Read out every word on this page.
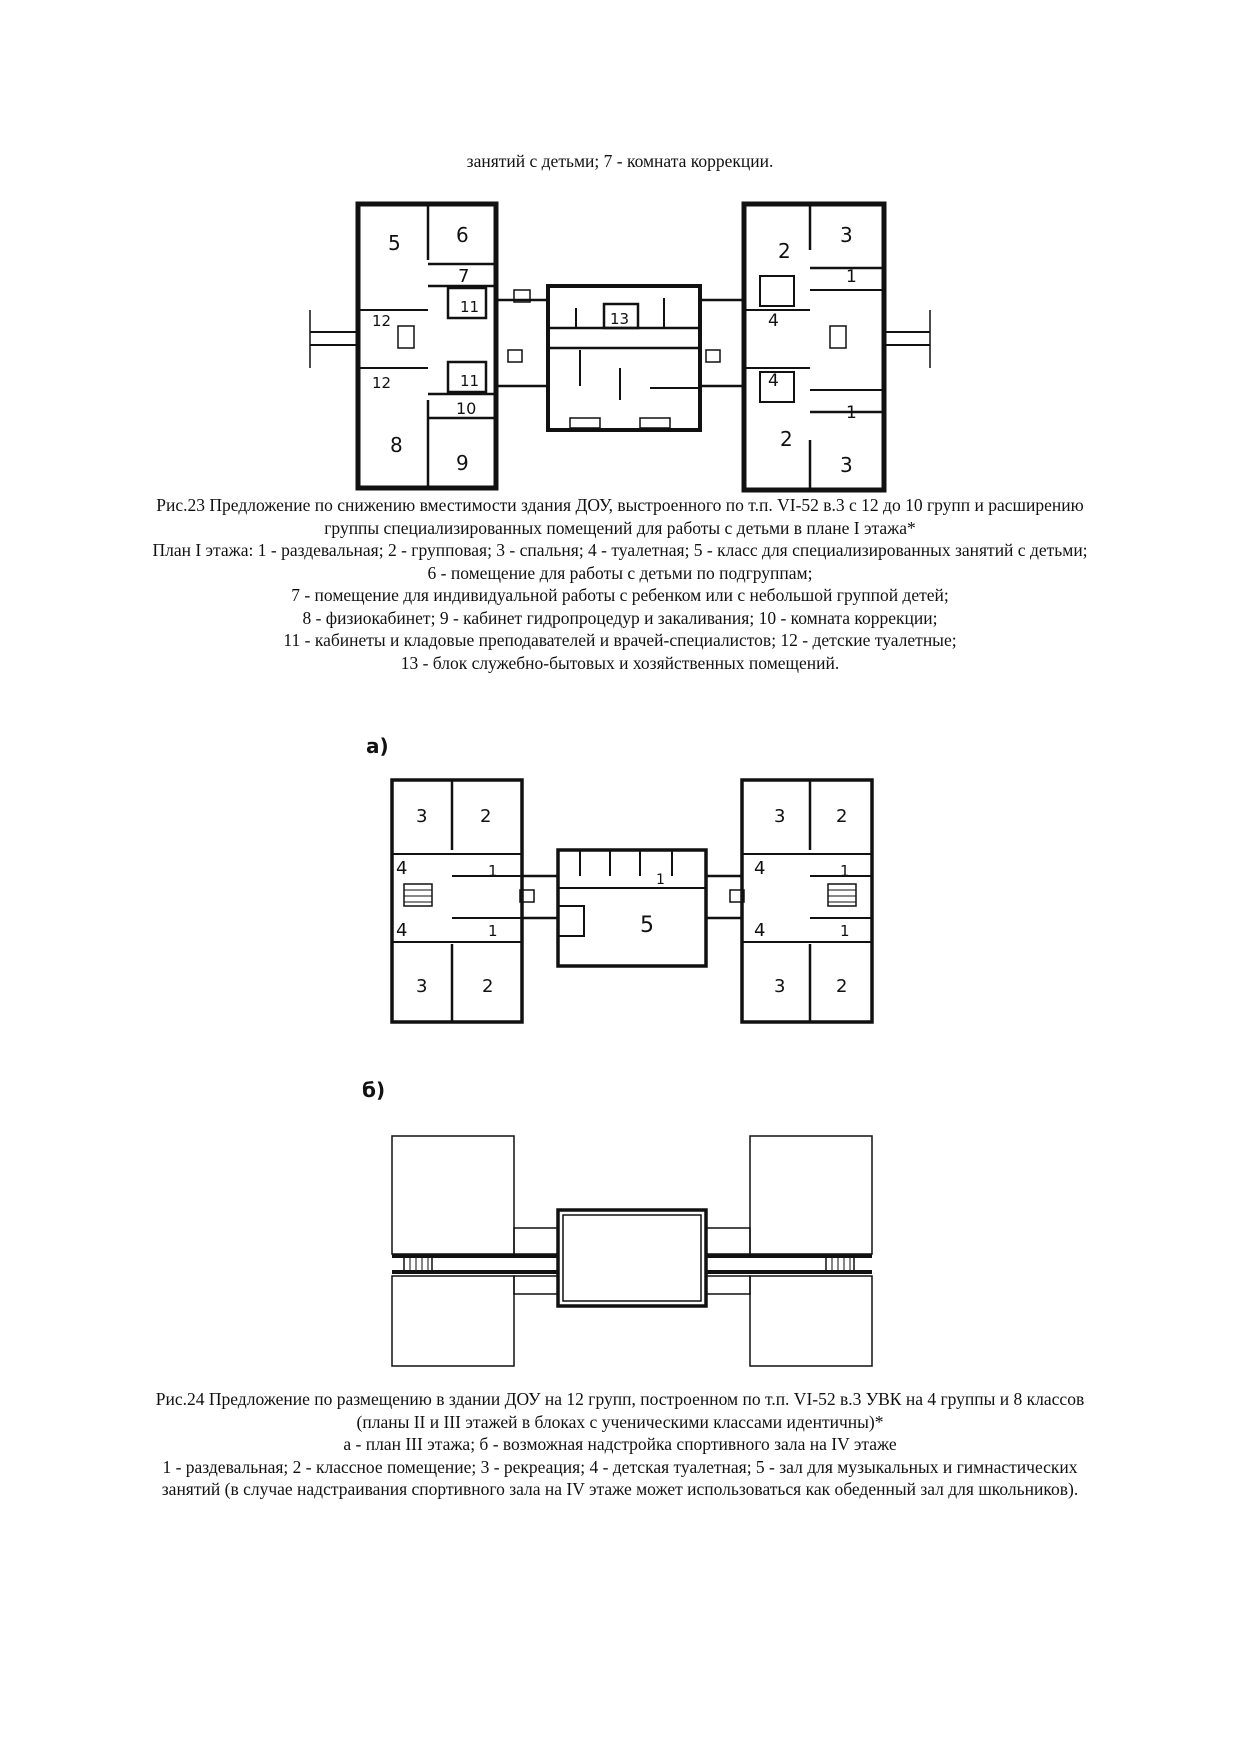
занятий с детьми; 7 - комната коррекции.

5	6
7
11
12
12	11
10
8
9
13
2
3
1
4
4
1
2
3

Рис.23 Предложение по снижению вместимости здания ДОУ, выстроенного по т.п. VI-52 в.3 с 12 до 10 групп и расширению группы специализированных помещений для работы с детьми в плане I этажа*

План I этажа: 1 - раздевальная; 2 - групповая; 3 - спальня; 4 - туалетная; 5 - класс для специализированных занятий с детьми; 6 - помещение для работы с детьми по подгруппам;

7 - помещение для индивидуальной работы с ребенком или с небольшой группой детей;

8 - физиокабинет; 9 - кабинет гидропроцедур и закаливания; 10 - комната коррекции;

11 - кабинеты и кладовые преподавателей и врачей-специалистов; 12 - детские туалетные;

13 - блок служебно-бытовых и хозяйственных помещений.

а)
3	2
4	1
4	1
3	2
1
5
3	2
4	1
4	1
3	2
б)

Рис.24 Предложение по размещению в здании ДОУ на 12 групп, построенном по т.п. VI-52 в.3 УВК на 4 группы и 8 классов (планы II и III этажей в блоках с ученическими классами идентичны)*

а - план III этажа; б - возможная надстройка спортивного зала на IV этаже

1 - раздевальная; 2 - классное помещение; 3 - рекреация; 4 - детская туалетная; 5 - зал для музыкальных и гимнастических занятий (в случае надстраивания спортивного зала на IV этаже может использоваться как обеденный зал для школьников).
